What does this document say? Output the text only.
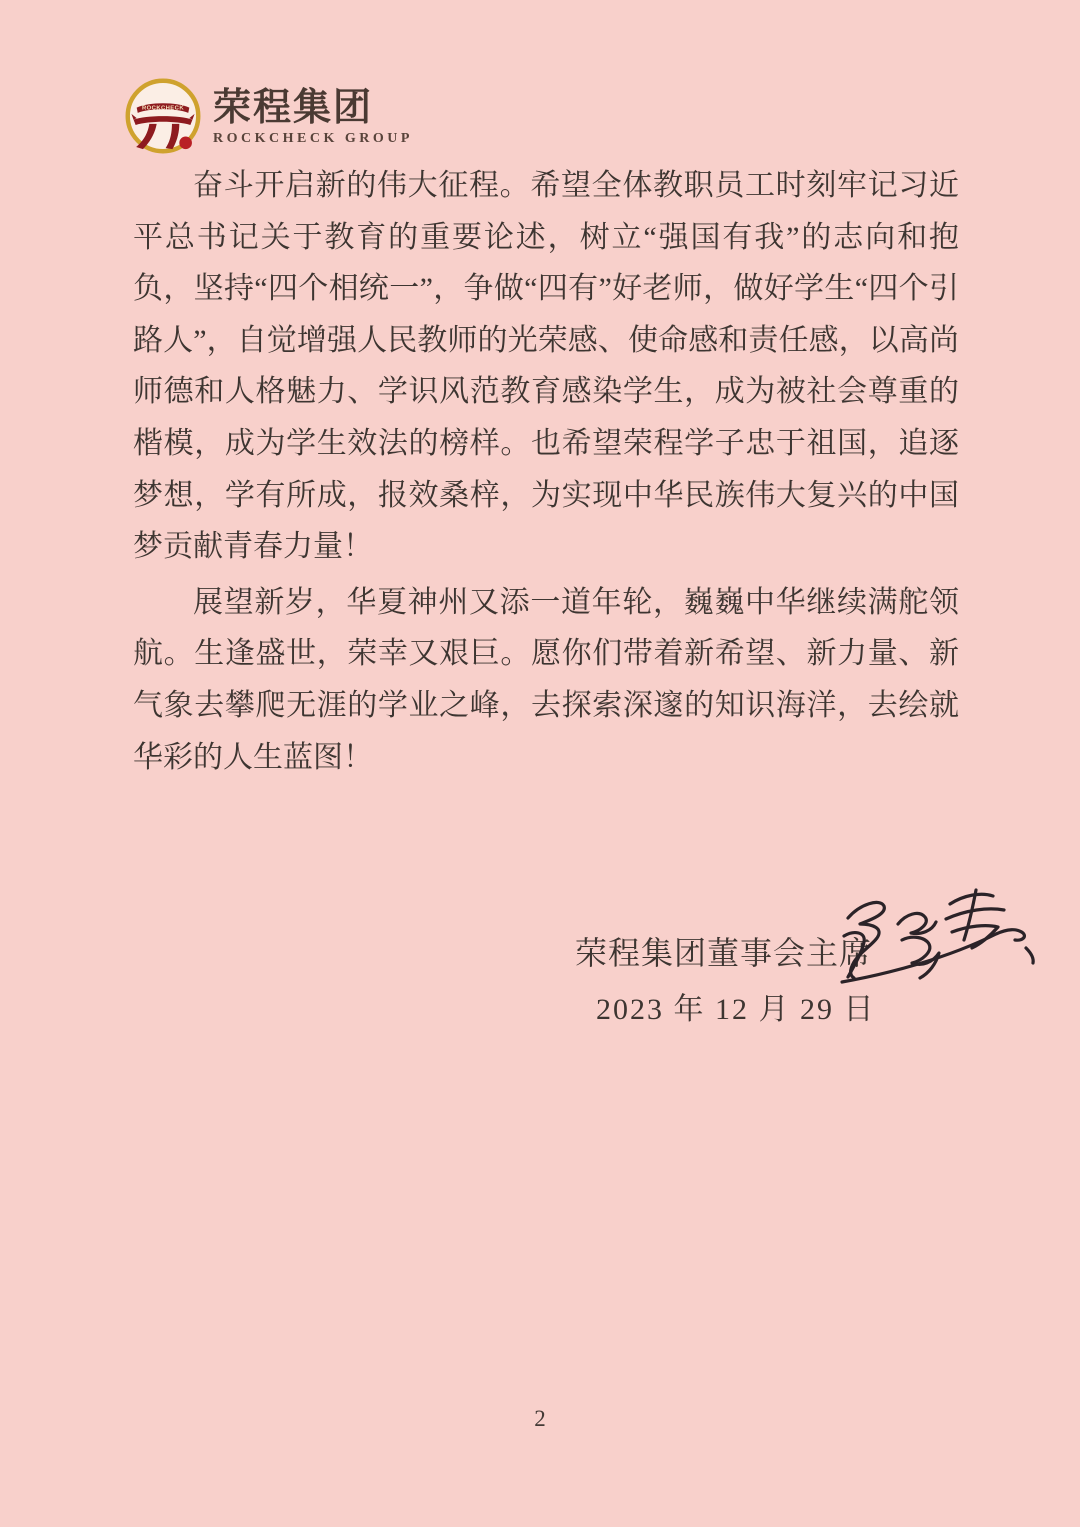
ROCKCHECK 荣程集团
ROCKCHECK GROUP

奋斗开启新的伟大征程。希望全体教职员工时刻牢记习近平总书记关于教育的重要论述，树立“强国有我”的志向和抱负，坚持“四个相统一”，争做“四有”好老师，做好学生“四个引路人”，自觉增强人民教师的光荣感、使命感和责任感，以高尚师德和人格魅力、学识风范教育感染学生，成为被社会尊重的楷模，成为学生效法的榜样。也希望荣程学子忠于祖国，追逐梦想，学有所成，报效桑梓，为实现中华民族伟大复兴的中国梦贡献青春力量！

展望新岁，华夏神州又添一道年轮，巍巍中华继续满舵领航。生逢盛世，荣幸又艰巨。愿你们带着新希望、新力量、新气象去攀爬无涯的学业之峰，去探索深邃的知识海洋，去绘就华彩的人生蓝图！

荣程集团董事会主席
2023 年 12 月 29 日
2
